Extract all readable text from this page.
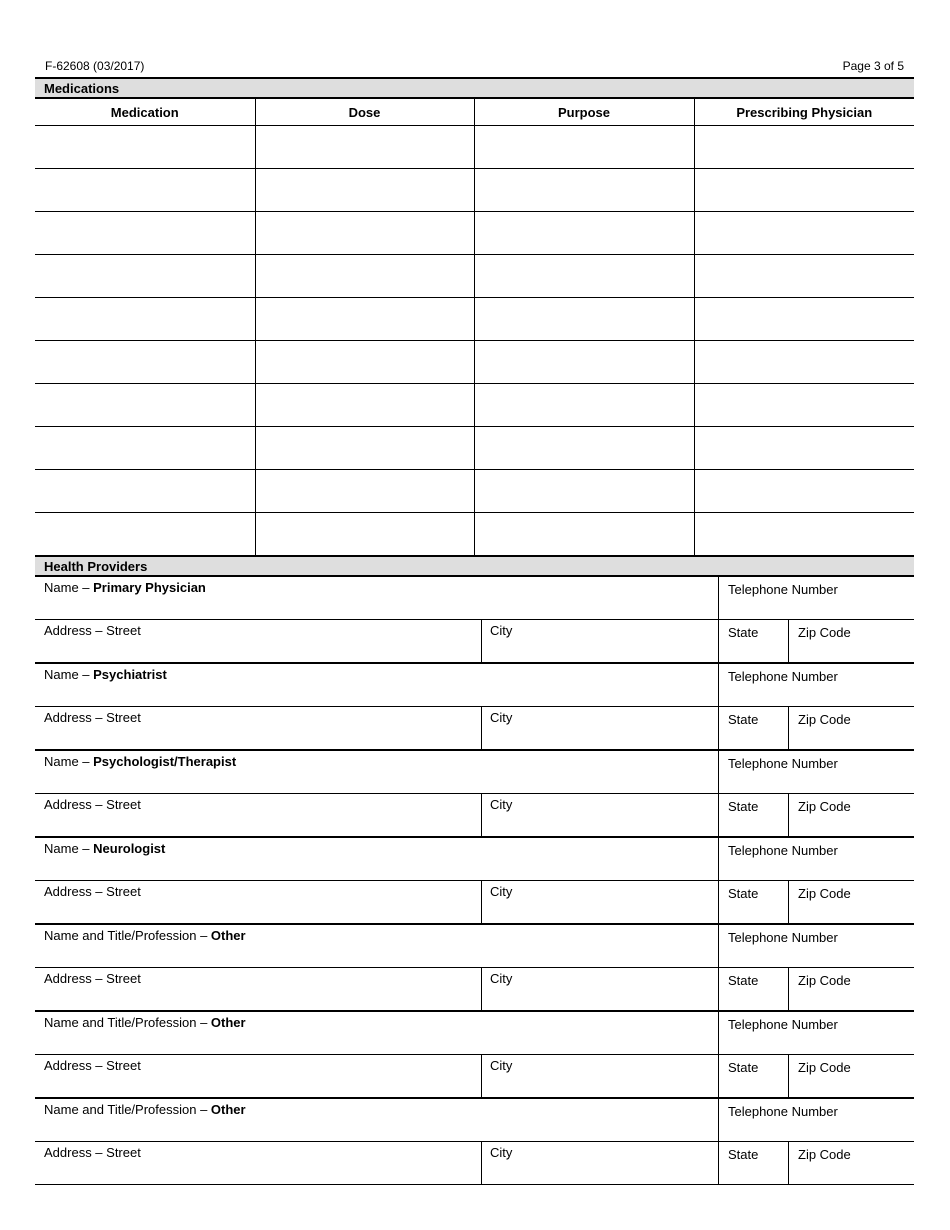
F-62608 (03/2017)	Page 3 of 5
Medications
Medication	Dose	Purpose	Prescribing Physician

Health Providers
Name – Primary Physician	Telephone Number
Address – Street	City	State	Zip Code
Name – Psychiatrist	Telephone Number
Address – Street	City	State	Zip Code
Name – Psychologist/Therapist	Telephone Number
Address – Street	City	State	Zip Code
Name – Neurologist	Telephone Number
Address – Street	City	State	Zip Code
Name and Title/Profession – Other	Telephone Number
Address – Street	City	State	Zip Code
Name and Title/Profession – Other	Telephone Number
Address – Street	City	State	Zip Code
Name and Title/Profession – Other	Telephone Number
Address – Street	City	State	Zip Code
